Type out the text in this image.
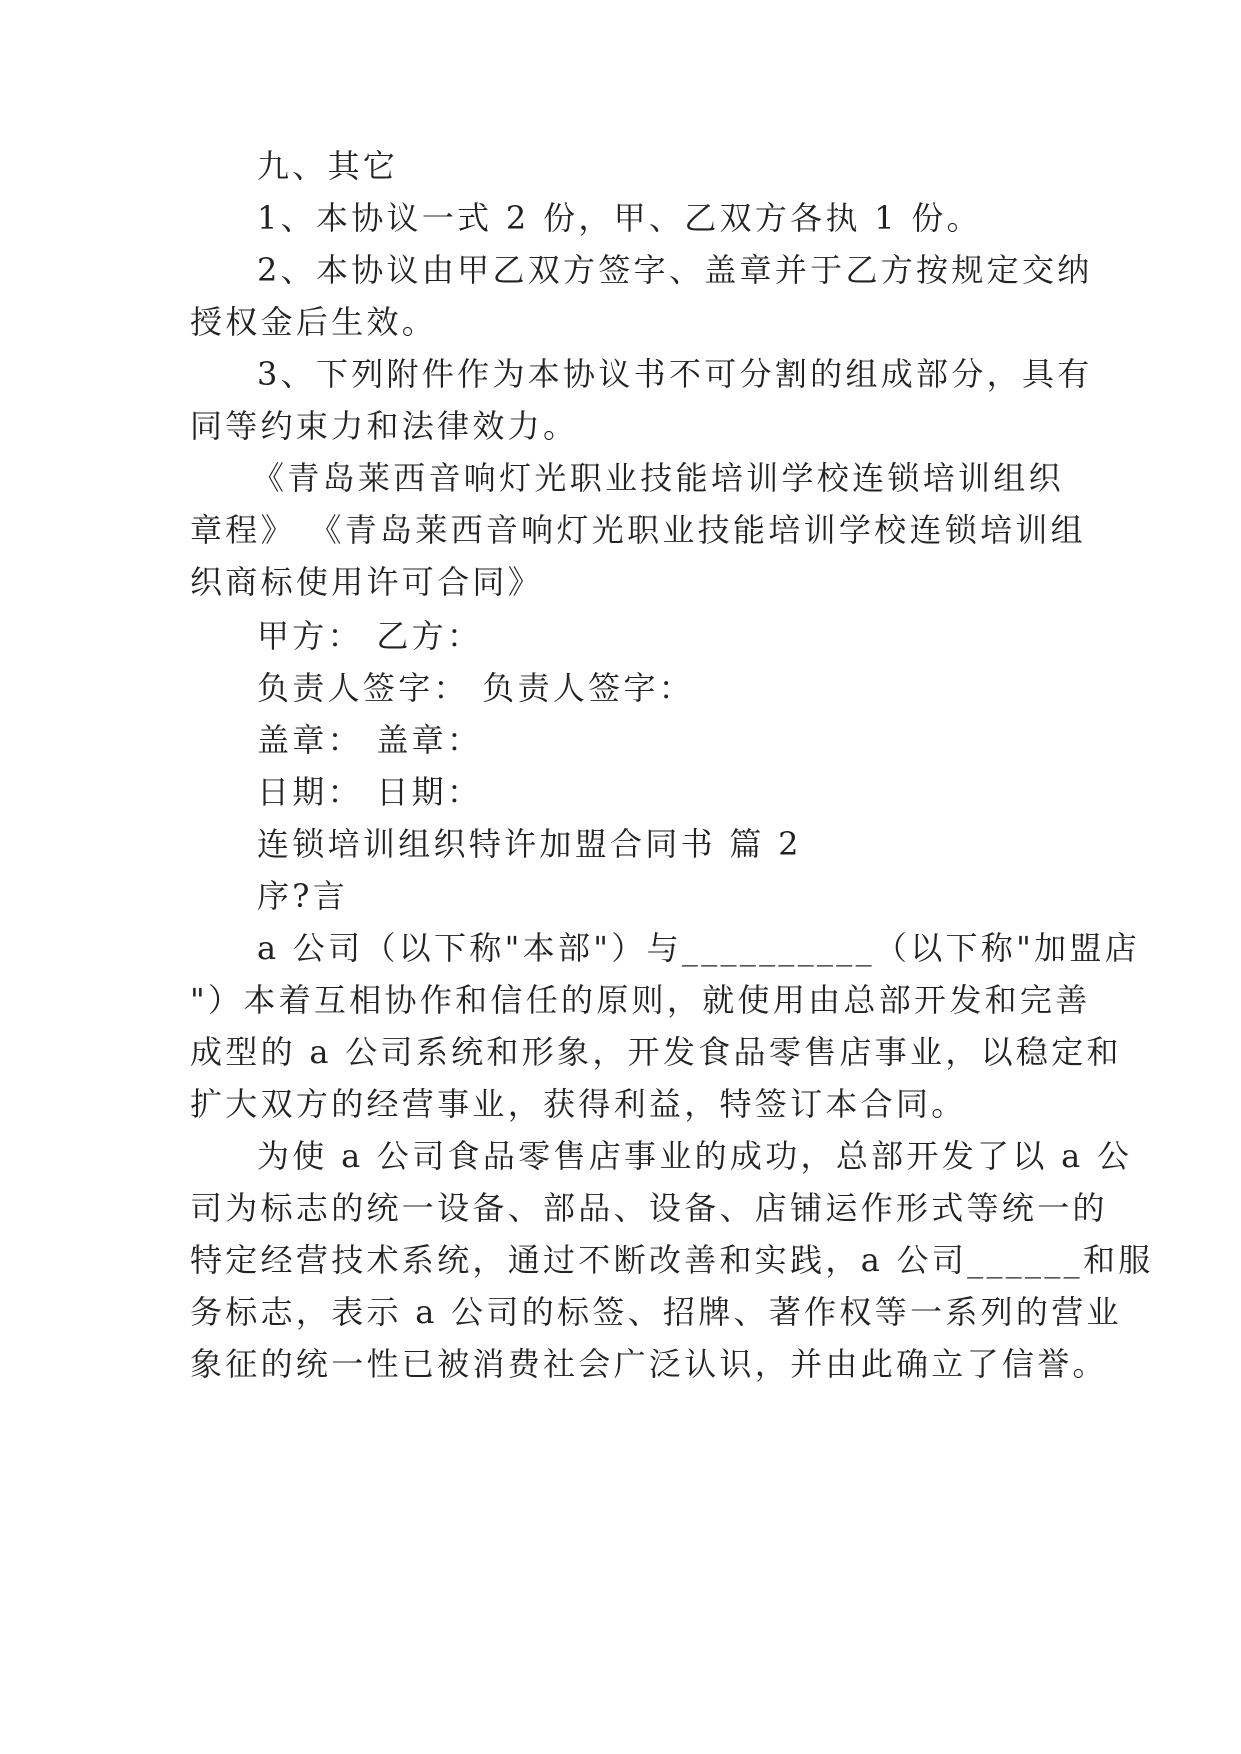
九、其它
1、本协议一式 2 份，甲、乙双方各执 1 份。
2、本协议由甲乙双方签字、盖章并于乙方按规定交纳
授权金后生效。
3、下列附件作为本协议书不可分割的组成部分，具有
同等约束力和法律效力。
《青岛莱西音响灯光职业技能培训学校连锁培训组织
章程》 《青岛莱西音响灯光职业技能培训学校连锁培训组
织商标使用许可合同》
甲方： 乙方：
负责人签字： 负责人签字：
盖章： 盖章：
日期： 日期：
连锁培训组织特许加盟合同书 篇 2
序?言
a 公司（以下称"本部"）与__________（以下称"加盟店
"）本着互相协作和信任的原则，就使用由总部开发和完善
成型的 a 公司系统和形象，开发食品零售店事业，以稳定和
扩大双方的经营事业，获得利益，特签订本合同。
为使 a 公司食品零售店事业的成功，总部开发了以 a 公
司为标志的统一设备、部品、设备、店铺运作形式等统一的
特定经营技术系统，通过不断改善和实践，a 公司______和服
务标志，表示 a 公司的标签、招牌、著作权等一系列的营业
象征的统一性已被消费社会广泛认识，并由此确立了信誉。
